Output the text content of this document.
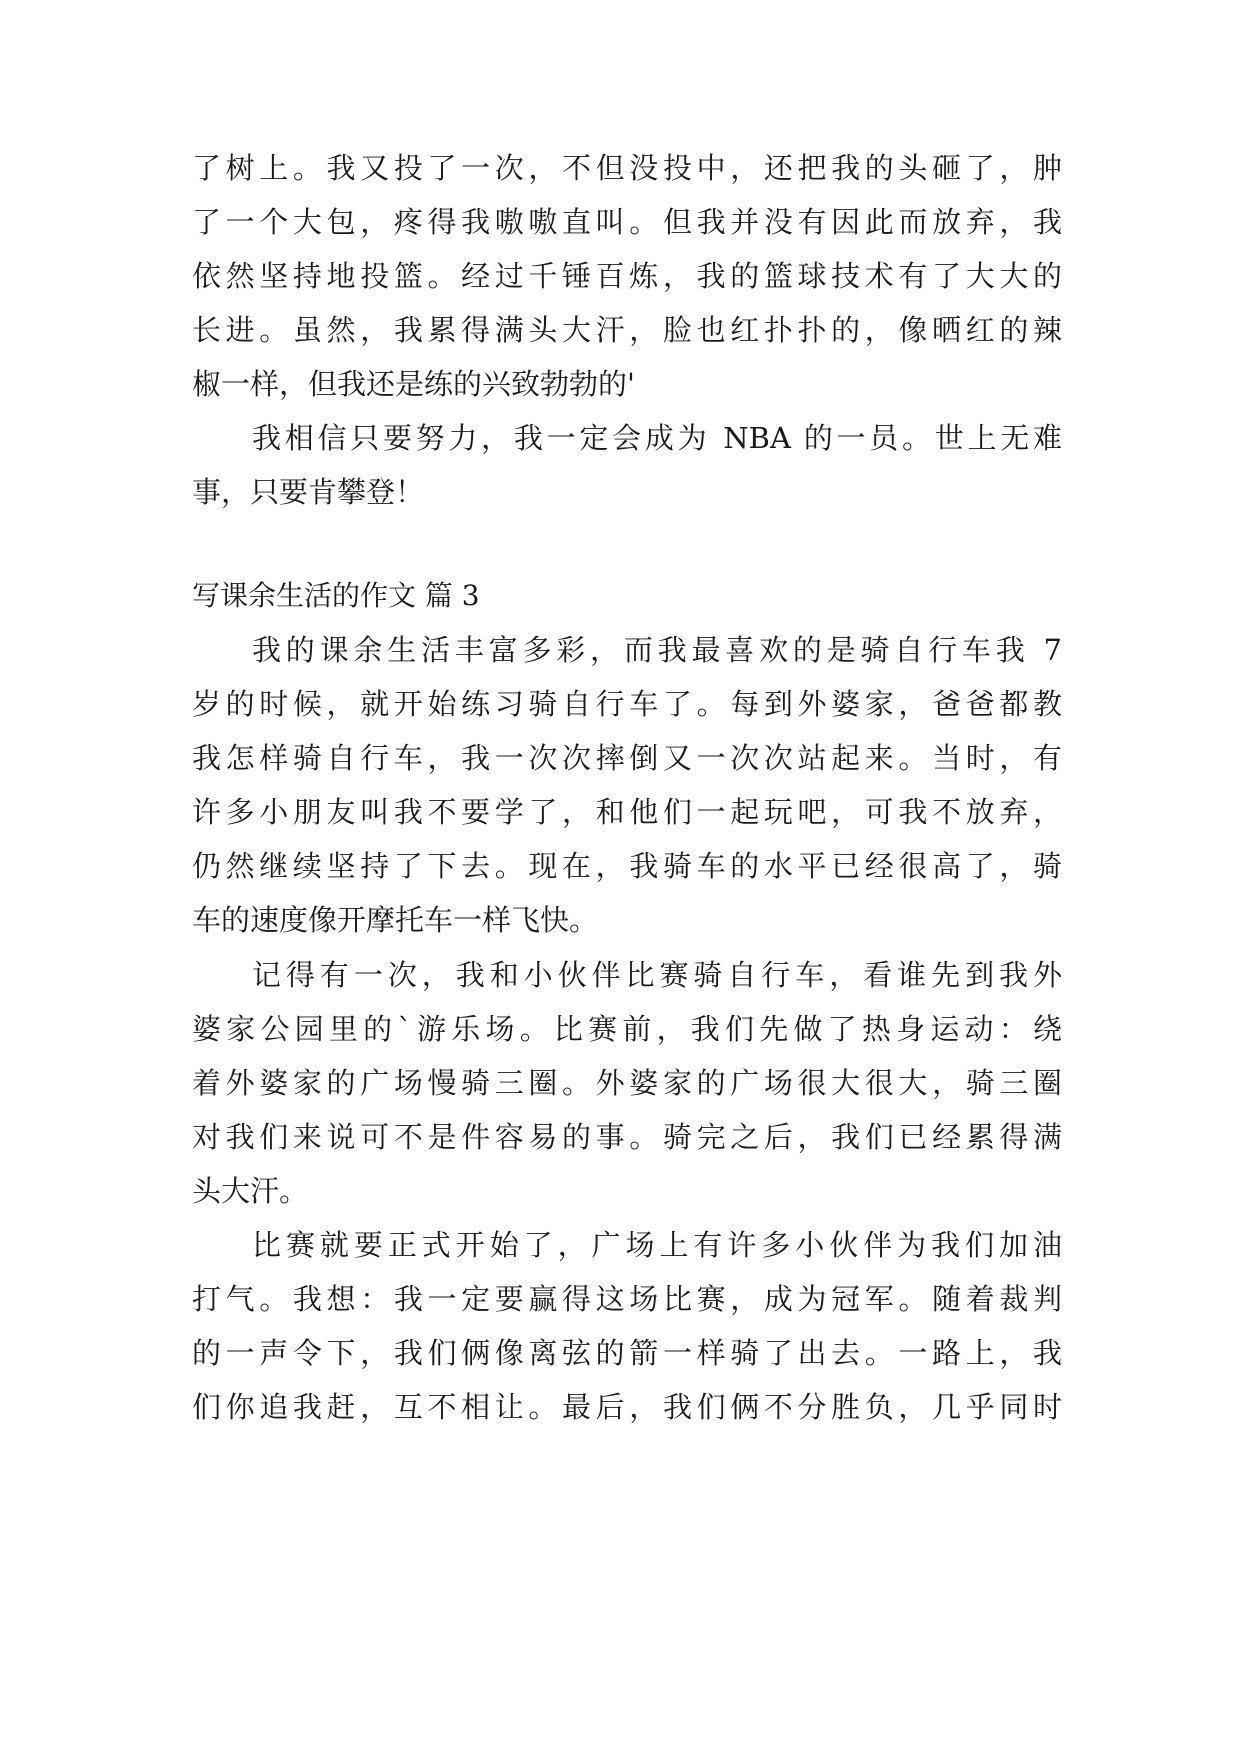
了树上。我又投了一次，不但没投中，还把我的头砸了，肿
了一个大包，疼得我嗷嗷直叫。但我并没有因此而放弃，我
依然坚持地投篮。经过千锤百炼，我的篮球技术有了大大的
长进。虽然，我累得满头大汗，脸也红扑扑的，像晒红的辣
椒一样，但我还是练的兴致勃勃的'
我相信只要努力，我一定会成为 NBA 的一员。世上无难
事，只要肯攀登！
写课余生活的作文 篇 3
我的课余生活丰富多彩，而我最喜欢的是骑自行车我 7
岁的时候，就开始练习骑自行车了。每到外婆家，爸爸都教
我怎样骑自行车，我一次次摔倒又一次次站起来。当时，有
许多小朋友叫我不要学了，和他们一起玩吧，可我不放弃，
仍然继续坚持了下去。现在，我骑车的水平已经很高了，骑
车的速度像开摩托车一样飞快。
记得有一次，我和小伙伴比赛骑自行车，看谁先到我外
婆家公园里的`游乐场。比赛前，我们先做了热身运动：绕
着外婆家的广场慢骑三圈。外婆家的广场很大很大，骑三圈
对我们来说可不是件容易的事。骑完之后，我们已经累得满
头大汗。
比赛就要正式开始了，广场上有许多小伙伴为我们加油
打气。我想：我一定要赢得这场比赛，成为冠军。随着裁判
的一声令下，我们俩像离弦的箭一样骑了出去。一路上，我
们你追我赶，互不相让。最后，我们俩不分胜负，几乎同时
